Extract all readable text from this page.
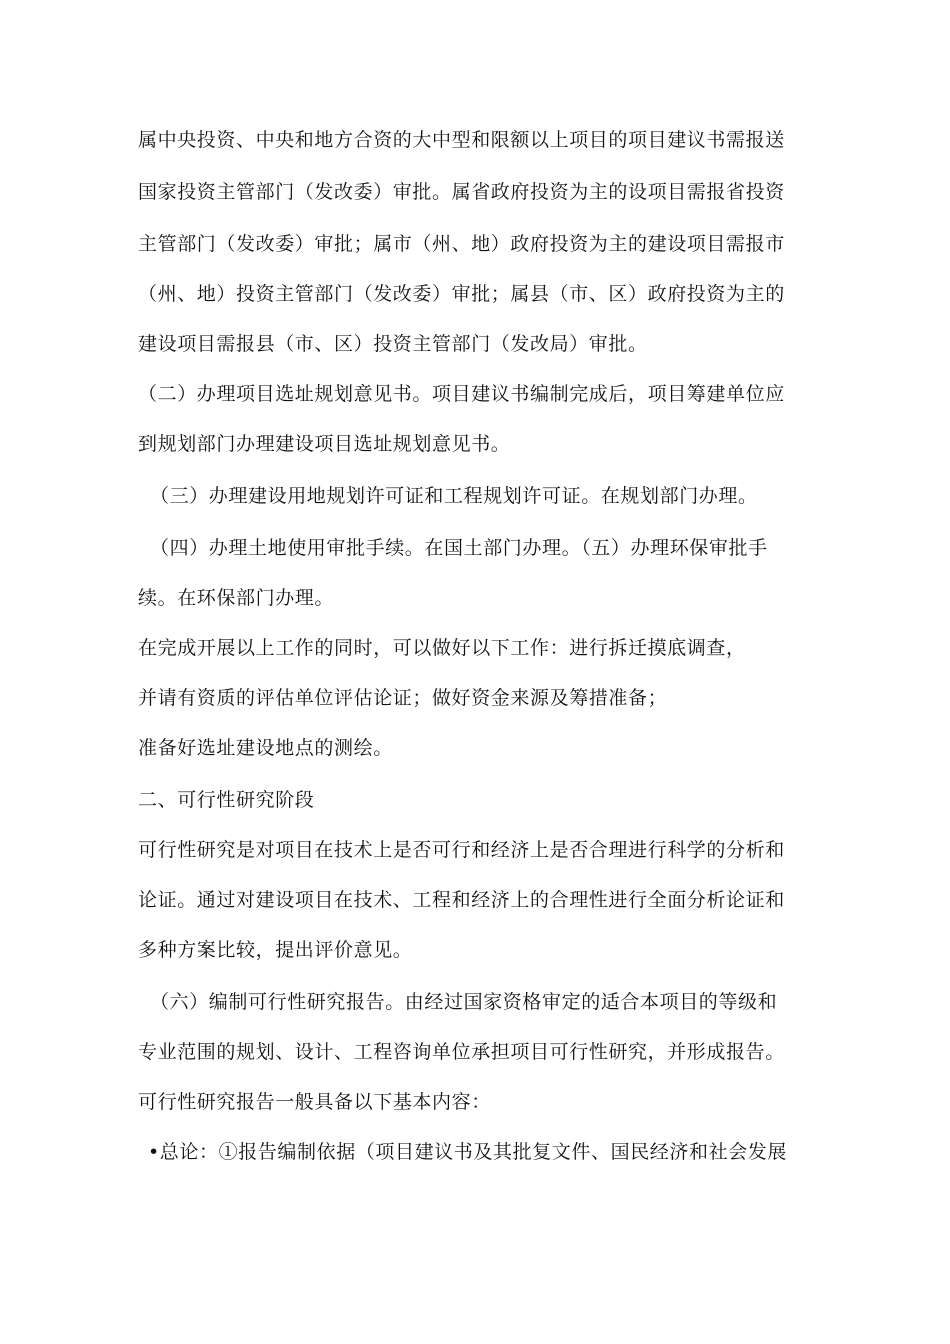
属中央投资、中央和地方合资的大中型和限额以上项目的项目建议书需报送
国家投资主管部门（发改委）审批。属省政府投资为主的设项目需报省投资
主管部门（发改委）审批；属市（州、地）政府投资为主的建设项目需报市
（州、地）投资主管部门（发改委）审批；属县（市、区）政府投资为主的
建设项目需报县（市、区）投资主管部门（发改局）审批。
（二）办理项目选址规划意见书。项目建议书编制完成后，项目筹建单位应
到规划部门办理建设项目选址规划意见书。
（三）办理建设用地规划许可证和工程规划许可证。在规划部门办理。
（四）办理土地使用审批手续。在国土部门办理。（五）办理环保审批手
续。在环保部门办理。
在完成开展以上工作的同时，可以做好以下工作：进行拆迁摸底调查，
并请有资质的评估单位评估论证；做好资金来源及筹措准备；
准备好选址建设地点的测绘。
二、可行性研究阶段
可行性研究是对项目在技术上是否可行和经济上是否合理进行科学的分析和
论证。通过对建设项目在技术、工程和经济上的合理性进行全面分析论证和
多种方案比较，提出评价意见。
（六）编制可行性研究报告。由经过国家资格审定的适合本项目的等级和
专业范围的规划、设计、工程咨询单位承担项目可行性研究，并形成报告。
可行性研究报告一般具备以下基本内容：
•总论：①报告编制依据（项目建议书及其批复文件、国民经济和社会发展
